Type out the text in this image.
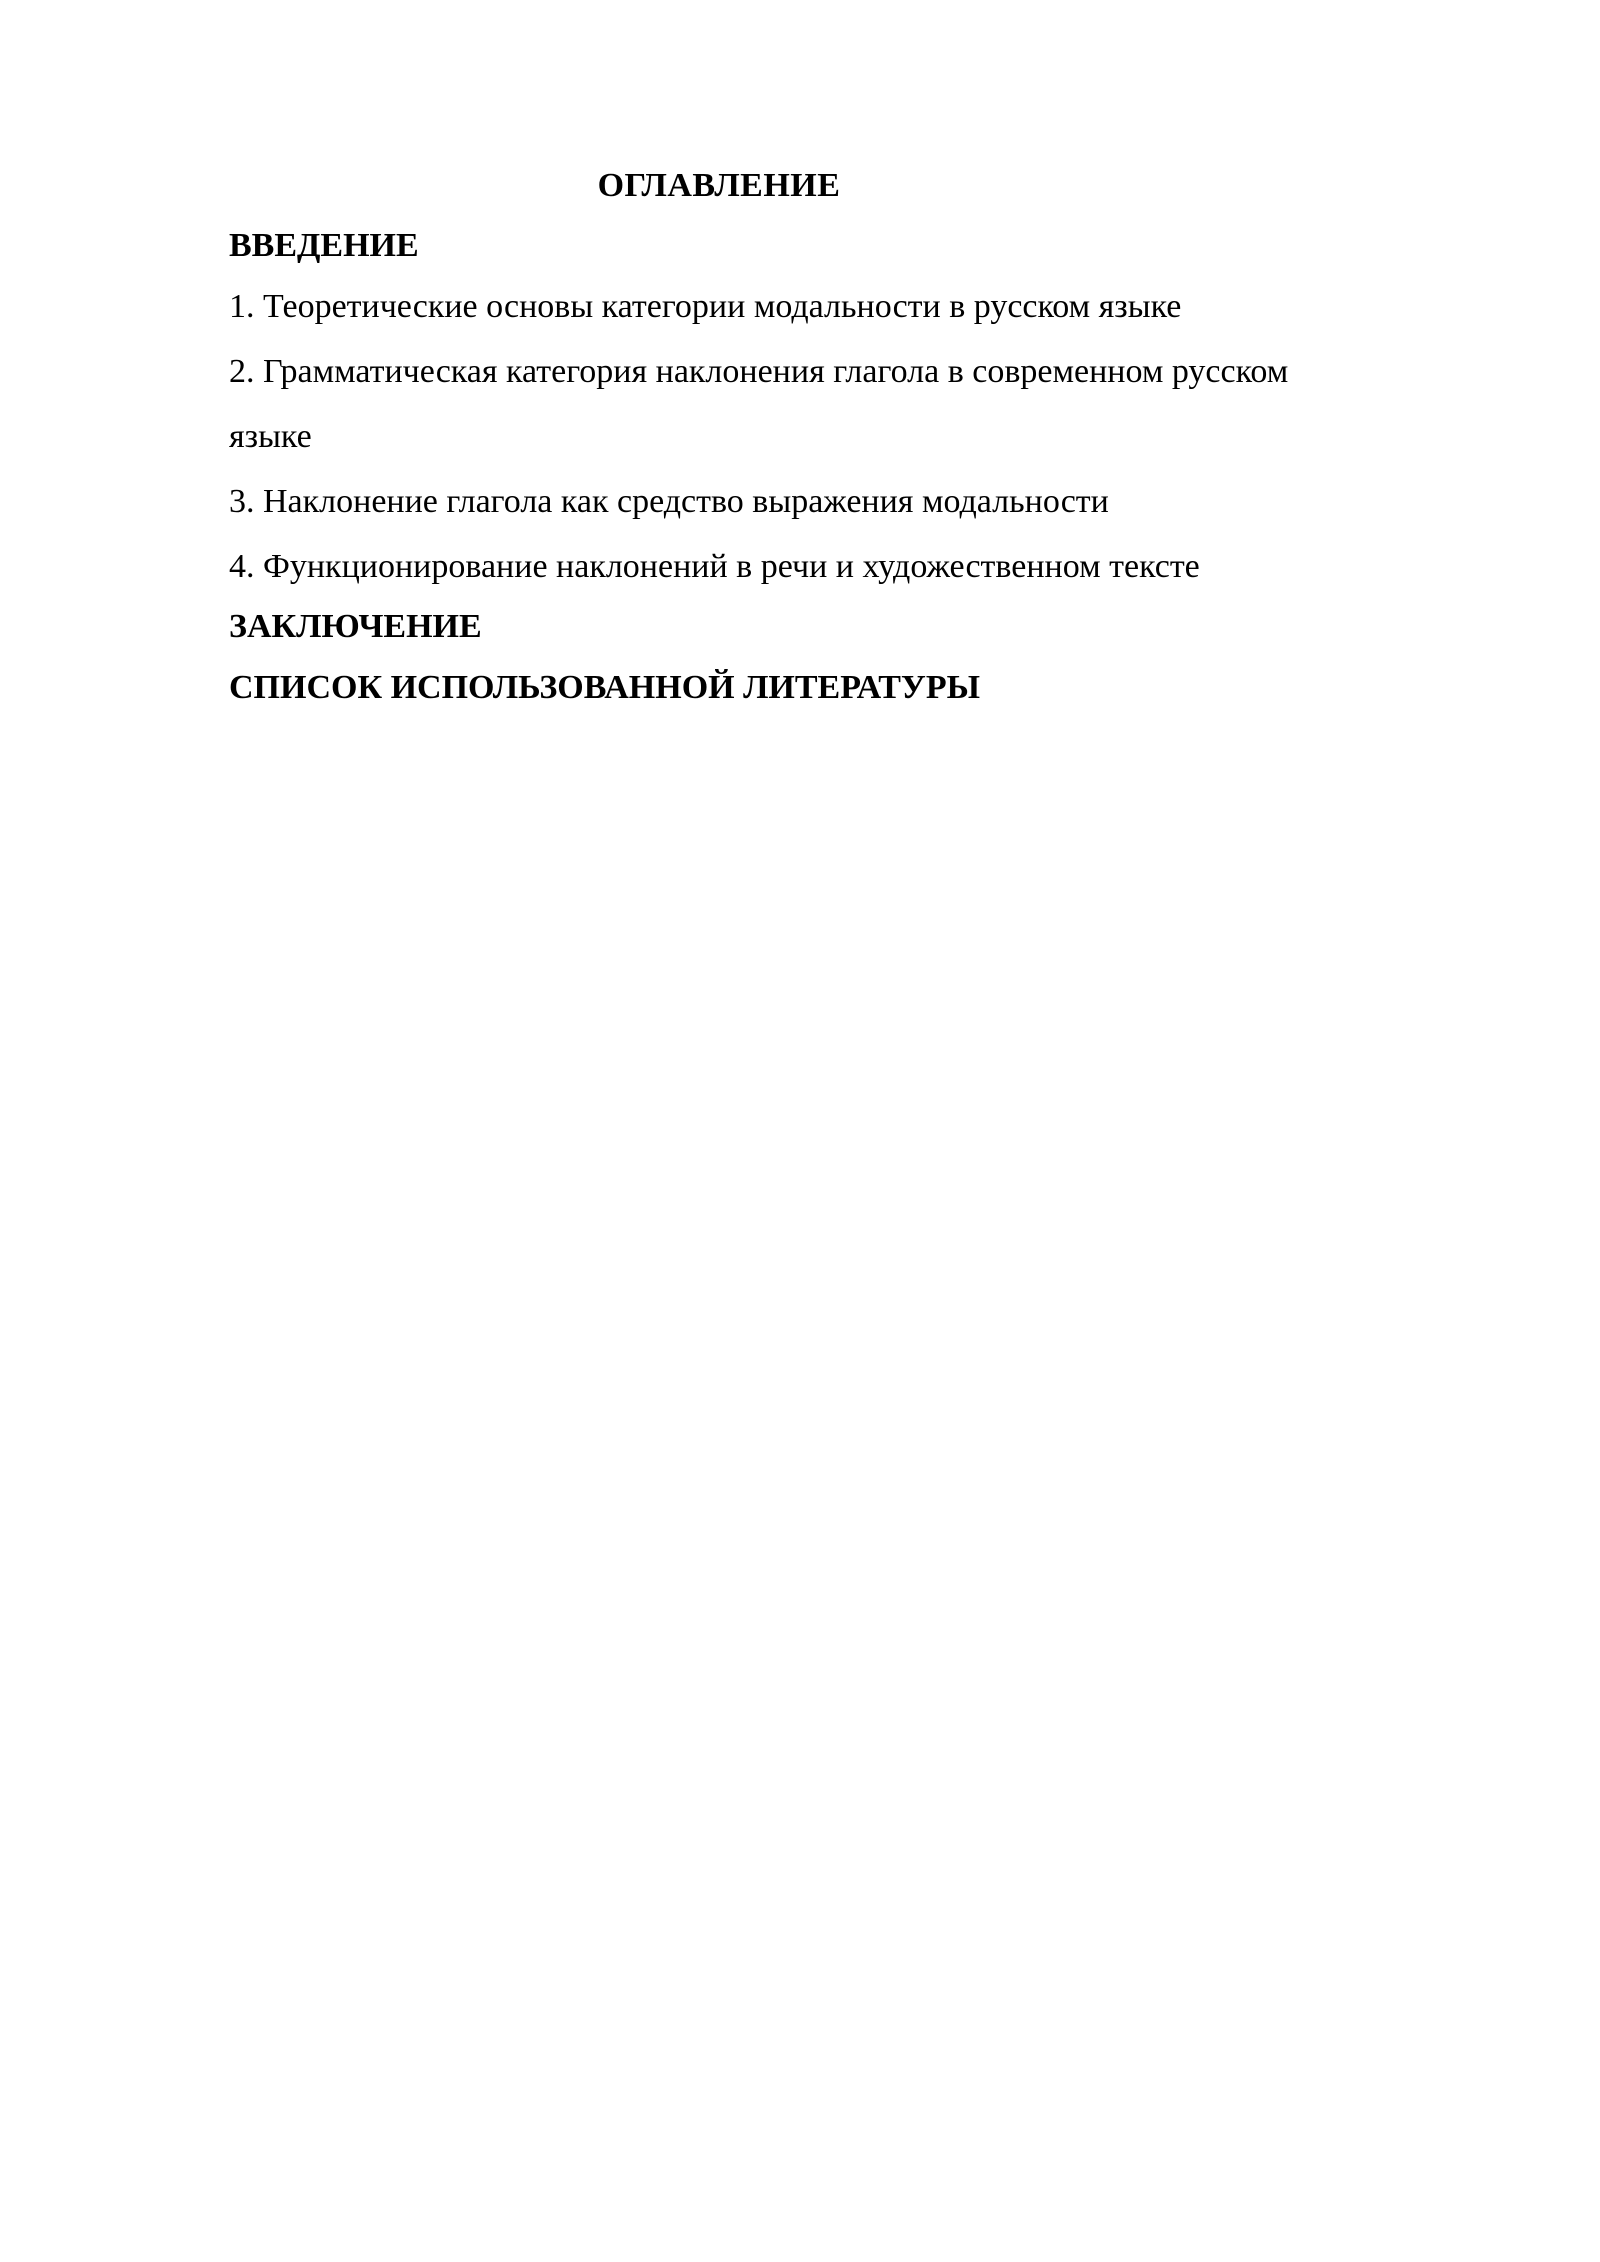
ОГЛАВЛЕНИЕ

ВВЕДЕНИЕ

1. Теоретические основы категории модальности в русском языке

2. Грамматическая категория наклонения глагола в современном русском

языке

3. Наклонение глагола как средство выражения модальности

4. Функционирование наклонений в речи и художественном тексте

ЗАКЛЮЧЕНИЕ

СПИСОК ИСПОЛЬЗОВАННОЙ ЛИТЕРАТУРЫ
